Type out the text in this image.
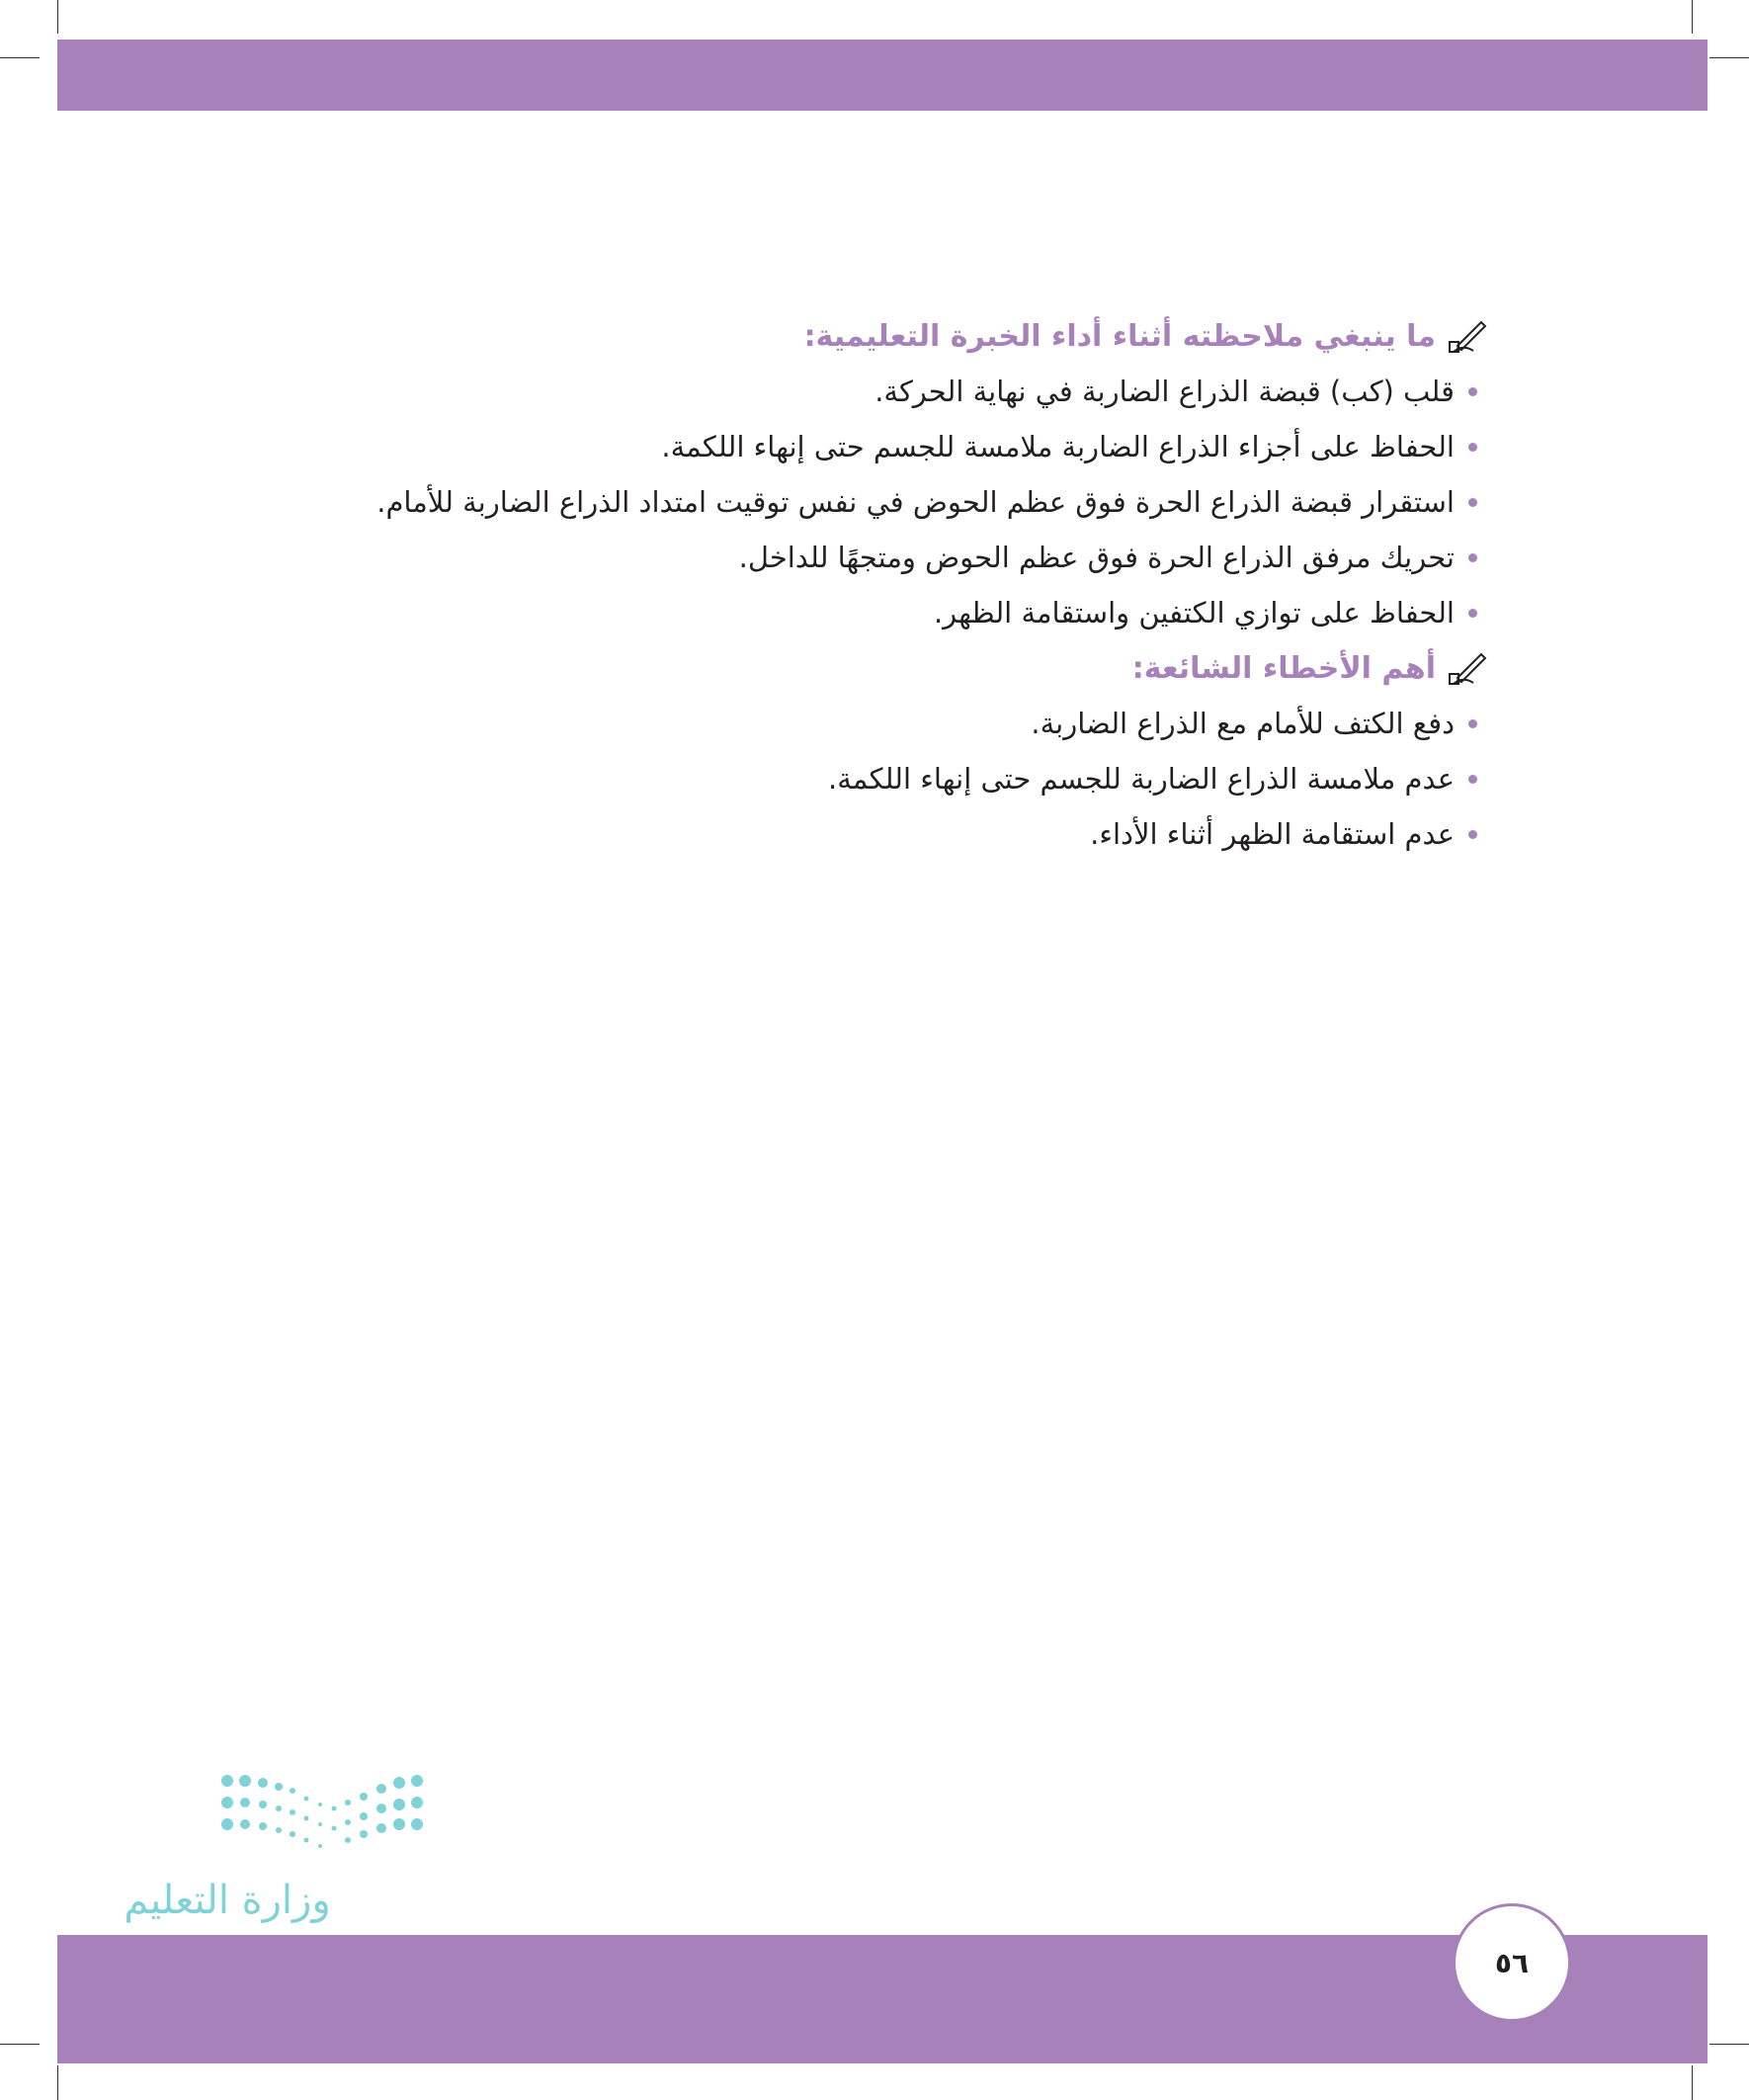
ما ينبغي ملاحظته أثناء أداء الخبرة التعليمية:
قلب (كب) قبضة الذراع الضاربة في نهاية الحركة.
الحفاظ على أجزاء الذراع الضاربة ملامسة للجسم حتى إنهاء اللكمة.
استقرار قبضة الذراع الحرة فوق عظم الحوض في نفس توقيت امتداد الذراع الضاربة للأمام.
تحريك مرفق الذراع الحرة فوق عظم الحوض ومتجهًا للداخل.
الحفاظ على توازي الكتفين واستقامة الظهر.
أهم الأخطاء الشائعة:
دفع الكتف للأمام مع الذراع الضاربة.
عدم ملامسة الذراع الضاربة للجسم حتى إنهاء اللكمة.
عدم استقامة الظهر أثناء الأداء.
وزارة التعليم
٥٦
